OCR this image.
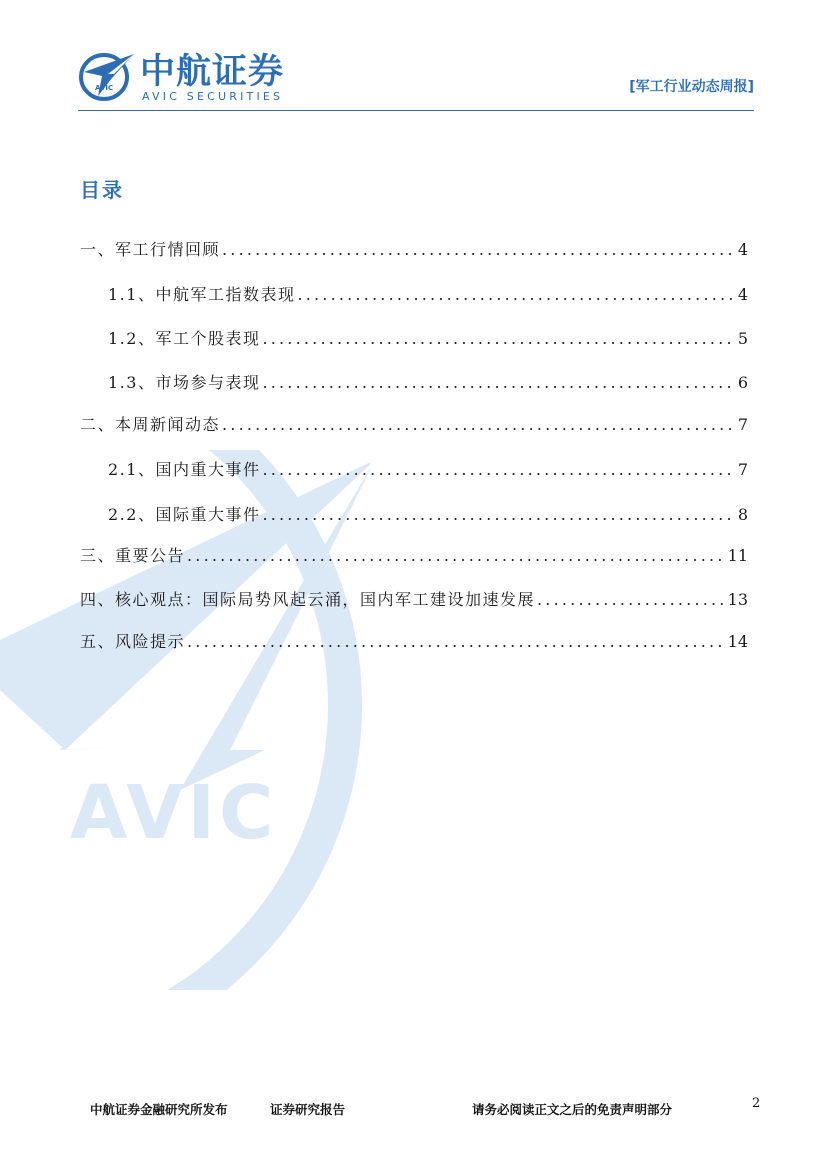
AVIC
AVIC 中航证券
AVIC SECURITIES
[军工行业动态周报]
目录
一、军工行情回顾 .....	4
1.1、中航军工指数表现 .....	4
1.2、军工个股表现 .....	5
1.3、市场参与表现 .....	6
二、本周新闻动态 .....	7
2.1、国内重大事件 .....	7
2.2、国际重大事件 .....	8
三、重要公告 .....	11
四、核心观点：国际局势风起云涌，国内军工建设加速发展 .....	13
五、风险提示 .....	14
中航证券金融研究所发布	证券研究报告	请务必阅读正文之后的免责声明部分	2
